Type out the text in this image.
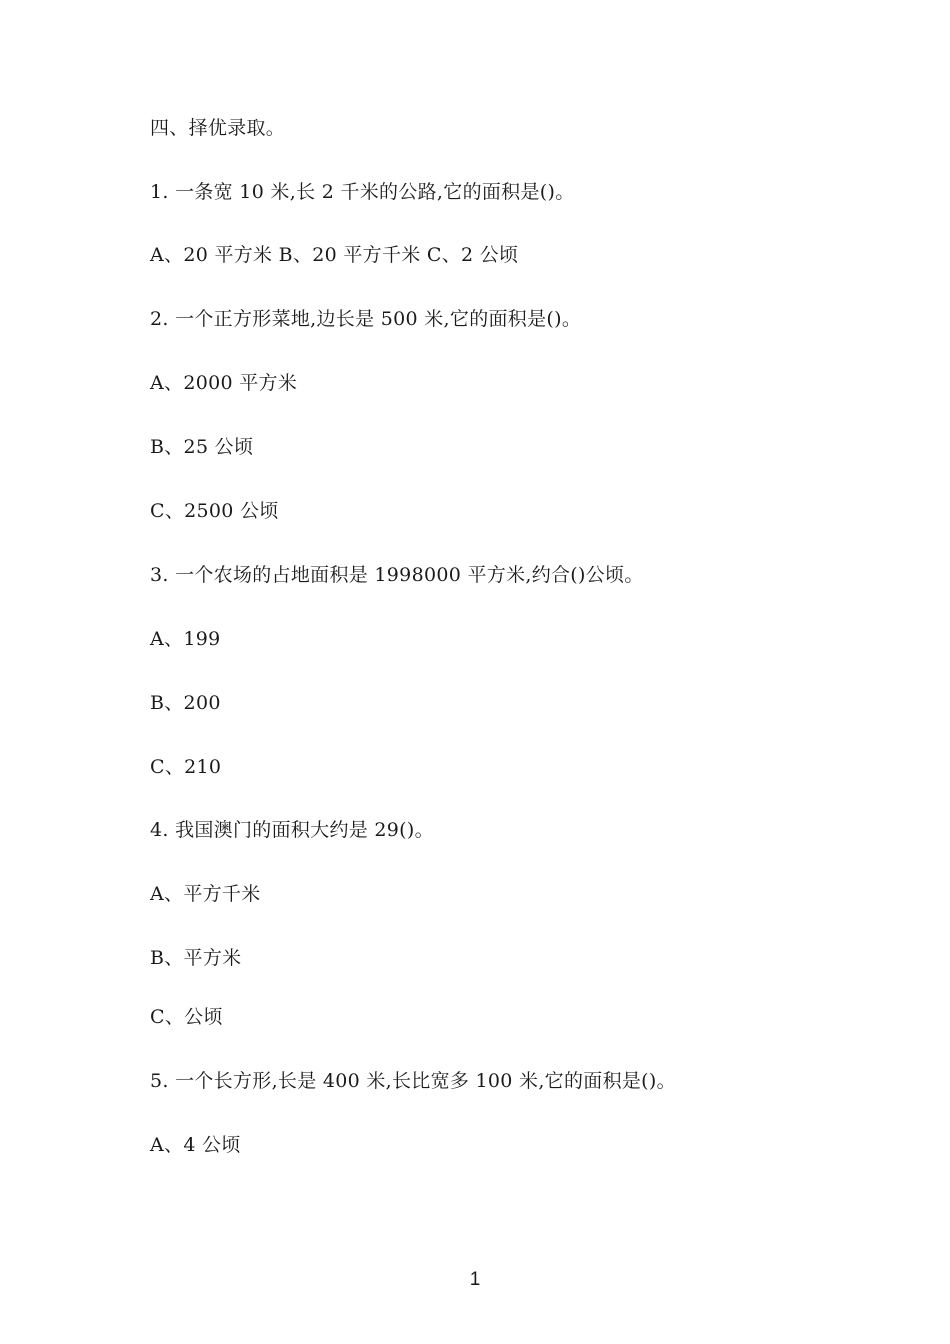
四、择优录取。
1. 一条宽 10 米,长 2 千米的公路,它的面积是()。
A、20 平方米 B、20 平方千米 C、2 公顷
2. 一个正方形菜地,边长是 500 米,它的面积是()。
A、2000 平方米
B、25 公顷
C、2500 公顷
3. 一个农场的占地面积是 1998000 平方米,约合()公顷。
A、199
B、200
C、210
4. 我国澳门的面积大约是 29()。
A、平方千米
B、平方米
C、公顷
5. 一个长方形,长是 400 米,长比宽多 100 米,它的面积是()。
A、4 公顷
1
